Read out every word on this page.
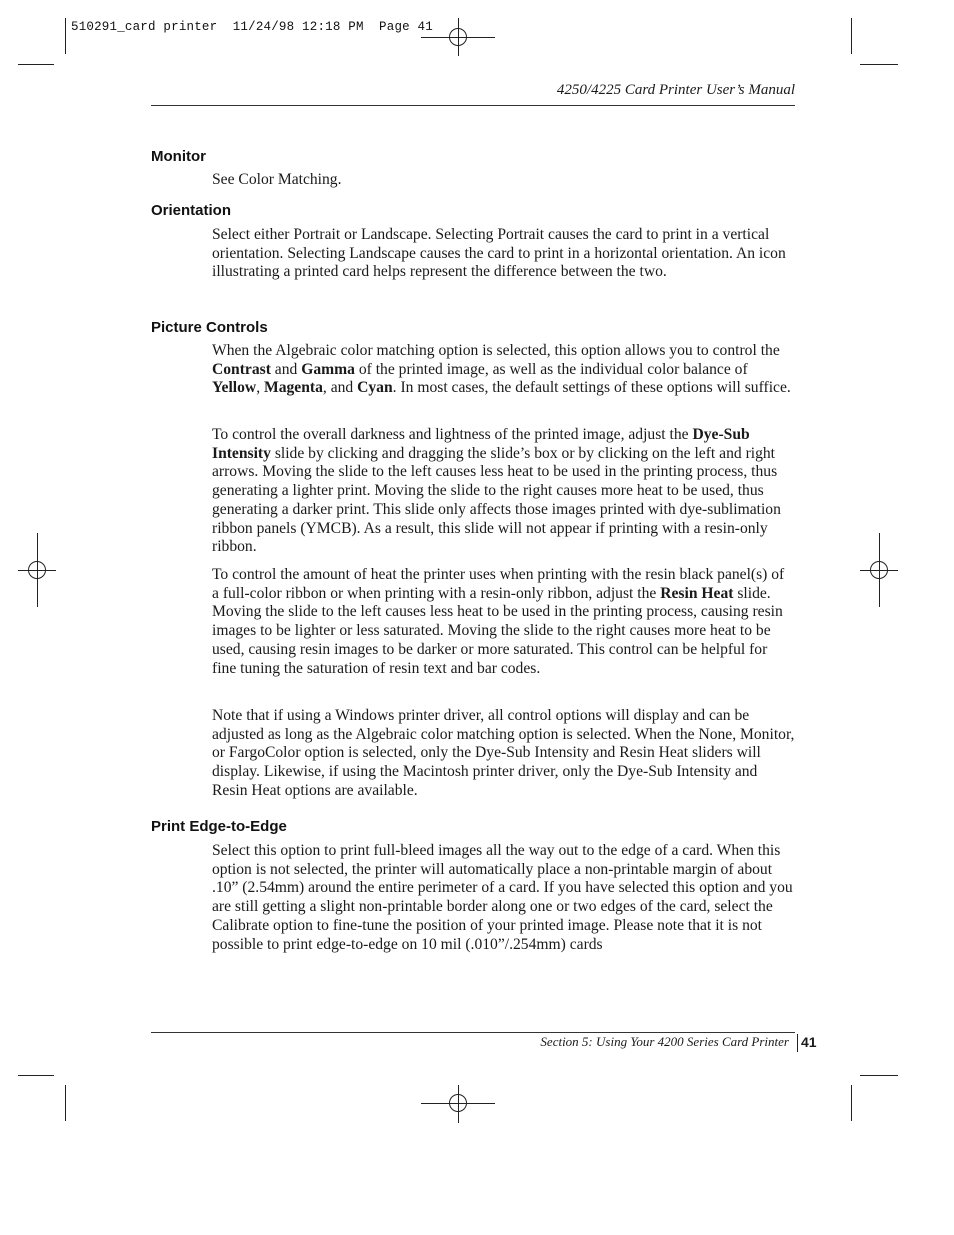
510291_card printer  11/24/98 12:18 PM  Page 41
4250/4225 Card Printer User’s Manual
Monitor
See Color Matching.
Orientation
Select either Portrait or Landscape. Selecting Portrait causes the card to print in a vertical orientation. Selecting Landscape causes the card to print in a horizontal orientation. An icon illustrating a printed card helps represent the difference between the two.
Picture Controls
When the Algebraic color matching option is selected, this option allows you to control the Contrast and Gamma of the printed image, as well as the individual color balance of Yellow, Magenta, and Cyan. In most cases, the default settings of these options will suffice.
To control the overall darkness and lightness of the printed image, adjust the Dye-Sub Intensity slide by clicking and dragging the slide’s box or by clicking on the left and right arrows. Moving the slide to the left causes less heat to be used in the printing process, thus generating a lighter print. Moving the slide to the right causes more heat to be used, thus generating a darker print. This slide only affects those images printed with dye-sublimation ribbon panels (YMCB). As a result, this slide will not appear if printing with a resin-only ribbon.
To control the amount of heat the printer uses when printing with the resin black panel(s) of a full-color ribbon or when printing with a resin-only ribbon, adjust the Resin Heat slide. Moving the slide to the left causes less heat to be used in the printing process, causing resin images to be lighter or less saturated. Moving the slide to the right causes more heat to be used, causing resin images to be darker or more saturated. This control can be helpful for fine tuning the saturation of resin text and bar codes.
Note that if using a Windows printer driver, all control options will display and can be adjusted as long as the Algebraic color matching option is selected. When the None, Monitor, or FargoColor option is selected, only the Dye-Sub Intensity and Resin Heat sliders will display. Likewise, if using the Macintosh printer driver, only the Dye-Sub Intensity and Resin Heat options are available.
Print Edge-to-Edge
Select this option to print full-bleed images all the way out to the edge of a card. When this option is not selected, the printer will automatically place a non-printable margin of about .10” (2.54mm) around the entire perimeter of a card. If you have selected this option and you are still getting a slight non-printable border along one or two edges of the card, select the Calibrate option to fine-tune the position of your printed image. Please note that it is not possible to print edge-to-edge on 10 mil (.010”/.254mm) cards
Section 5: Using Your 4200 Series Card Printer 41
